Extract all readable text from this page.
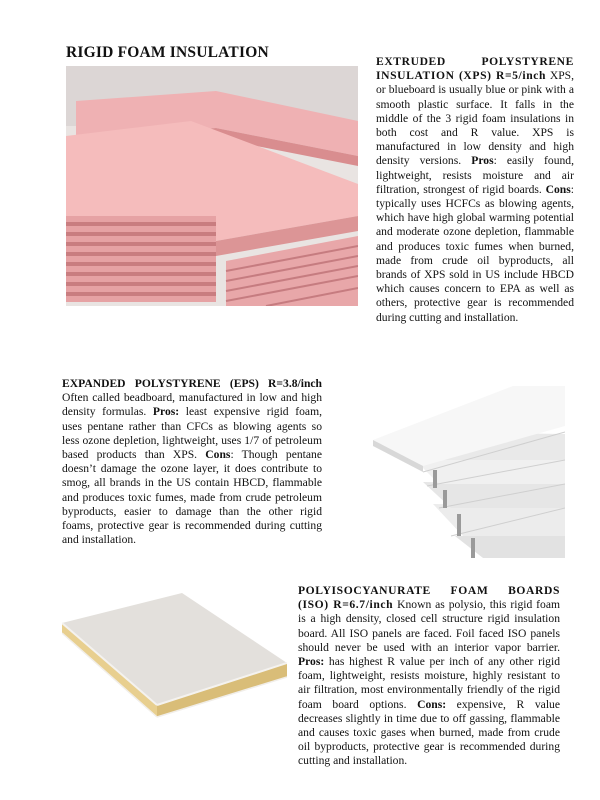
RIGID FOAM INSULATION
EXTRUDED POLYSTYRENE INSULATION (XPS) R=5/inch XPS, or blueboard is usually blue or pink with a smooth plastic surface. It falls in the middle of the 3 rigid foam insulations in both cost and R value. XPS is manufactured in low density and high density versions. Pros: easily found, lightweight, resists moisture and air filtration, strongest of rigid boards. Cons: typically uses HCFCs as blowing agents, which have high global warming potential and moderate ozone depletion, flammable and produces toxic fumes when burned, made from crude oil byproducts, all brands of XPS sold in US include HBCD which causes concern to EPA as well as others, protective gear is recommended during cutting and installation.
EXPANDED POLYSTYRENE (EPS) R=3.8/inch Often called beadboard, manufactured in low and high density formulas. Pros: least expensive rigid foam, uses pentane rather than CFCs as blowing agents so less ozone depletion, lightweight, uses 1/7 of petroleum based products than XPS. Cons: Though pentane doesn’t damage the ozone layer, it does contribute to smog, all brands in the US contain HBCD, flammable and produces toxic fumes, made from crude petroleum byproducts, easier to damage than the other rigid foams, protective gear is recommended during cutting and installation.
POLYISOCYANURATE FOAM BOARDS (ISO) R=6.7/inch Known as polysio, this rigid foam is a high density, closed cell structure rigid insulation board. All ISO panels are faced. Foil faced ISO panels should never be used with an interior vapor barrier. Pros: has highest R value per inch of any other rigid foam, lightweight, resists moisture, highly resistant to air filtration, most environmentally friendly of the rigid foam board options. Cons: expensive, R value decreases slightly in time due to off gassing, flammable and causes toxic gases when burned, made from crude oil byproducts, protective gear is recommended during cutting and installation.
